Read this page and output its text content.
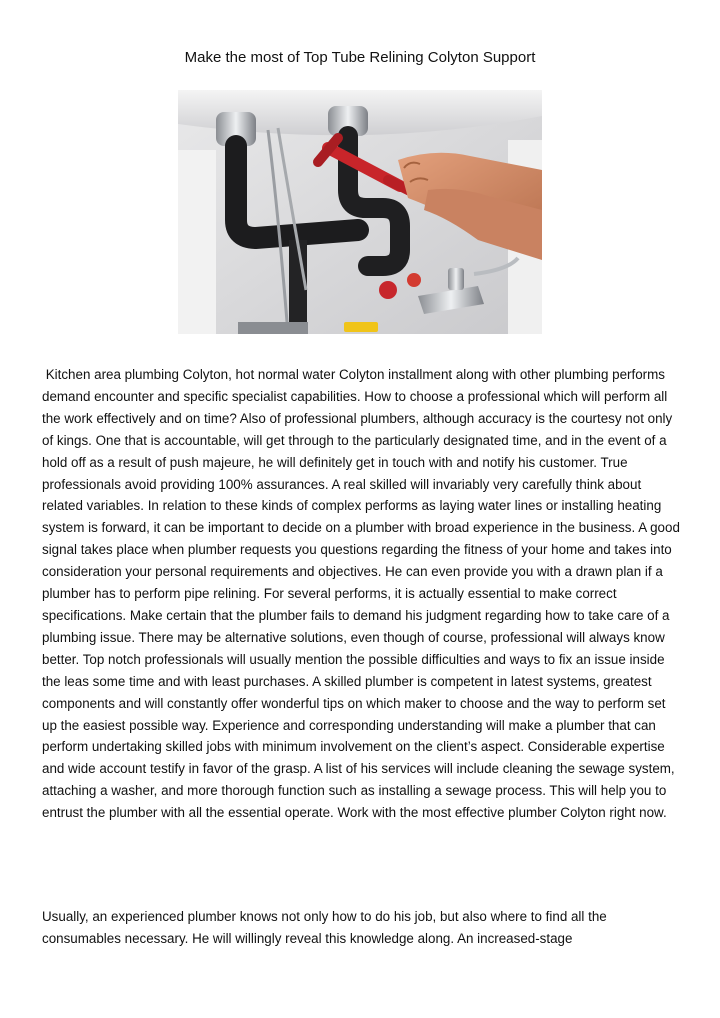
Make the most of Top Tube Relining Colyton Support

Kitchen area plumbing Colyton, hot normal water Colyton installment along with other plumbing performs demand encounter and specific specialist capabilities. How to choose a professional which will perform all the work effectively and on time? Also of professional plumbers, although accuracy is the courtesy not only of kings. One that is accountable, will get through to the particularly designated time, and in the event of a hold off as a result of push majeure, he will definitely get in touch with and notify his customer. True professionals avoid providing 100% assurances. A real skilled will invariably very carefully think about related variables. In relation to these kinds of complex performs as laying water lines or installing heating system is forward, it can be important to decide on a plumber with broad experience in the business. A good signal takes place when plumber requests you questions regarding the fitness of your home and takes into consideration your personal requirements and objectives. He can even provide you with a drawn plan if a plumber has to perform pipe relining. For several performs, it is actually essential to make correct specifications. Make certain that the plumber fails to demand his judgment regarding how to take care of a plumbing issue. There may be alternative solutions, even though of course, professional will always know better. Top notch professionals will usually mention the possible difficulties and ways to fix an issue inside the leas some time and with least purchases. A skilled plumber is competent in latest systems, greatest components and will constantly offer wonderful tips on which maker to choose and the way to perform set up the easiest possible way. Experience and corresponding understanding will make a plumber that can perform undertaking skilled jobs with minimum involvement on the client’s aspect. Considerable expertise and wide account testify in favor of the grasp. A list of his services will include cleaning the sewage system, attaching a washer, and more thorough function such as installing a sewage process. This will help you to entrust the plumber with all the essential operate. Work with the most effective plumber Colyton right now.

Usually, an experienced plumber knows not only how to do his job, but also where to find all the consumables necessary. He will willingly reveal this knowledge along. An increased-stage
